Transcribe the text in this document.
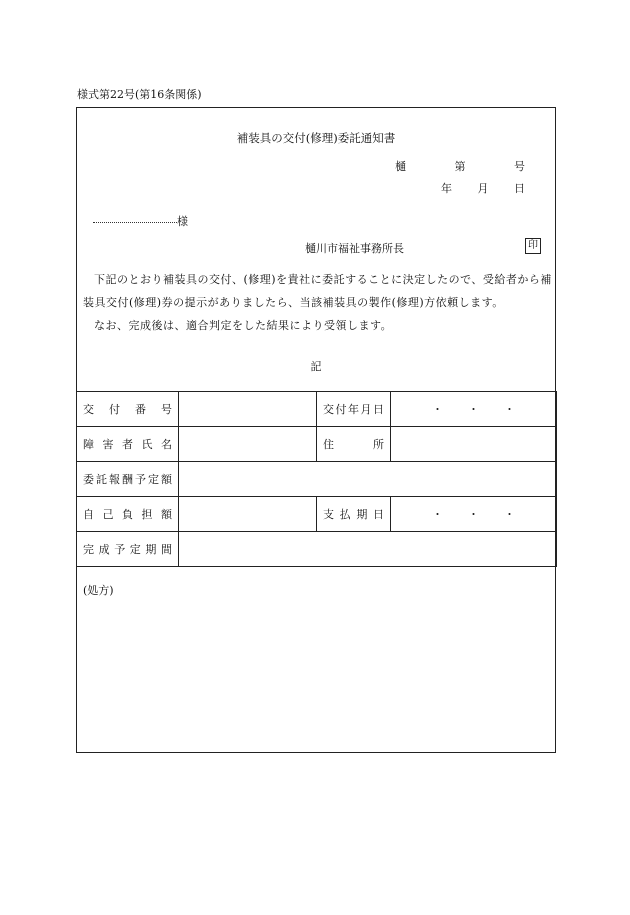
様式第22号(第16条関係)
補装具の交付(修理)委託通知書
樋	第	号
年 月 日
様
樋川市福祉事務所長	印

下記のとおり補装具の交付、(修理)を貴社に委託することに決定したので、受給者から補装具交付(修理)券の提示がありましたら、当該補装具の製作(修理)方依頼します。

なお、完成後は、適合判定をした結果により受領します。

記
交付番号		交付年月日	・ ・ ・
障害者氏名		住所	
委託報酬予定額			
自己負担額		支払期日	・ ・ ・
完成予定期間			
(処方)
